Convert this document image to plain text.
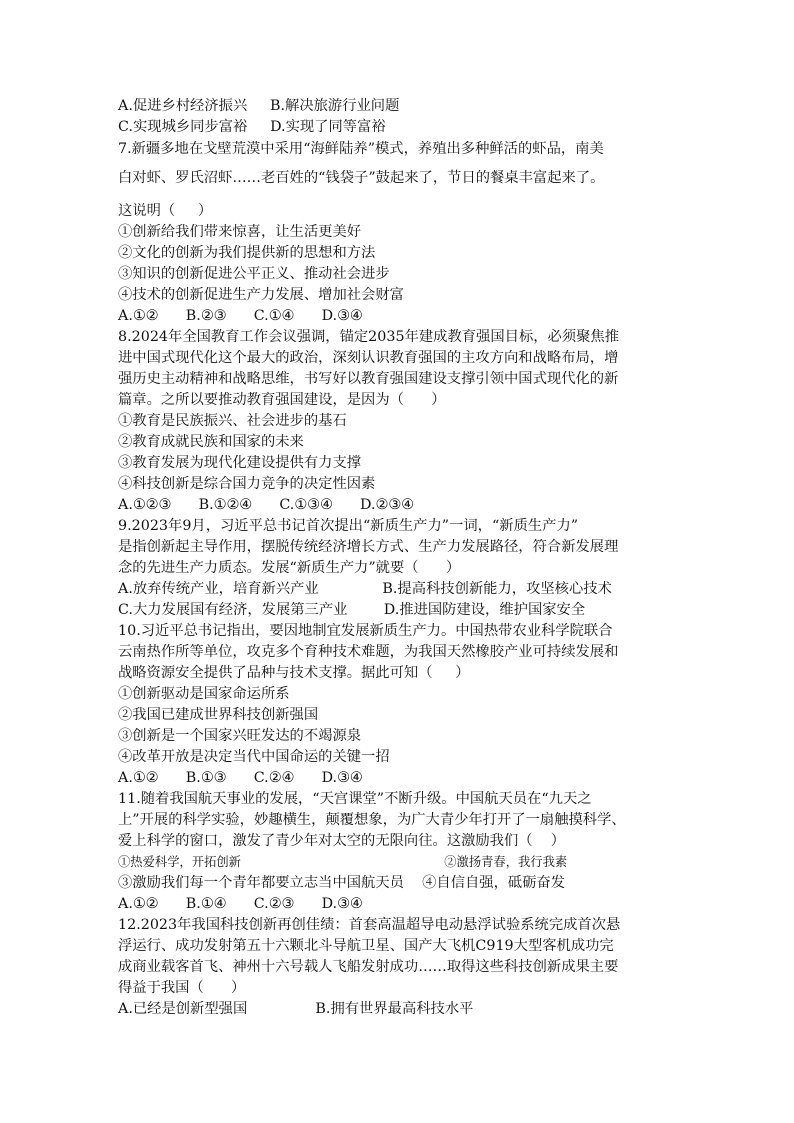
A.促进乡村经济振兴     B.解决旅游行业问题
C.实现城乡同步富裕     D.实现了同等富裕
7.新疆多地在戈壁荒漠中采用“海鲜陆养”模式，养殖出多种鲜活的虾品，南美
白对虾、罗氏沼虾……老百姓的“钱袋子”鼓起来了，节日的餐桌丰富起来了。
这说明（     ）
①创新给我们带来惊喜，让生活更美好
②文化的创新为我们提供新的思想和方法
③知识的创新促进公平正义、推动社会进步
④技术的创新促进生产力发展、增加社会财富
A.①②      B.②③      C.①④      D.③④
8.2024年全国教育工作会议强调，锚定2035年建成教育强国目标，必须聚焦推
进中国式现代化这个最大的政治，深刻认识教育强国的主攻方向和战略布局，增
强历史主动精神和战略思维，书写好以教育强国建设支撑引领中国式现代化的新
篇章。之所以要推动教育强国建设，是因为（      ）
①教育是民族振兴、社会进步的基石
②教育成就民族和国家的未来
③教育发展为现代化建设提供有力支撑
④科技创新是综合国力竞争的决定性因素
A.①②③      B.①②④      C.①③④      D.②③④
9.2023年9月，习近平总书记首次提出“新质生产力”一词，“新质生产力”
是指创新起主导作用，摆脱传统经济增长方式、生产力发展路径，符合新发展理
念的先进生产力质态。发展“新质生产力”就要（      ）
A.放弃传统产业，培育新兴产业              B.提高科技创新能力，攻坚核心技术
C.大力发展国有经济，发展第三产业        D.推进国防建设，维护国家安全
10.习近平总书记指出，要因地制宜发展新质生产力。中国热带农业科学院联合
云南热作所等单位，攻克多个育种技术难题，为我国天然橡胶产业可持续发展和
战略资源安全提供了品种与技术支撑。据此可知（     ）
①创新驱动是国家命运所系
②我国已建成世界科技创新强国
③创新是一个国家兴旺发达的不竭源泉
④改革开放是决定当代中国命运的关键一招
A.①②      B.①③      C.②④      D.③④
11.随着我国航天事业的发展，“天宫课堂”不断升级。中国航天员在“九天之
上”开展的科学实验，妙趣横生，颠覆想象，为广大青少年打开了一扇触摸科学、
爱上科学的窗口，激发了青少年对太空的无限向往。这激励我们（    ）
①热爱科学，开拓创新                                                    ②激扬青春，我行我素
③激励我们每一个青年都要立志当中国航天员    ④自信自强，砥砺奋发
A.①②      B.①④      C.②③      D.③④
12.2023年我国科技创新再创佳绩：首套高温超导电动悬浮试验系统完成首次悬
浮运行、成功发射第五十六颗北斗导航卫星、国产大飞机C919大型客机成功完
成商业载客首飞、神州十六号载人飞船发射成功……取得这些科技创新成果主要
得益于我国（      ）
A.已经是创新型强国               B.拥有世界最高科技水平
